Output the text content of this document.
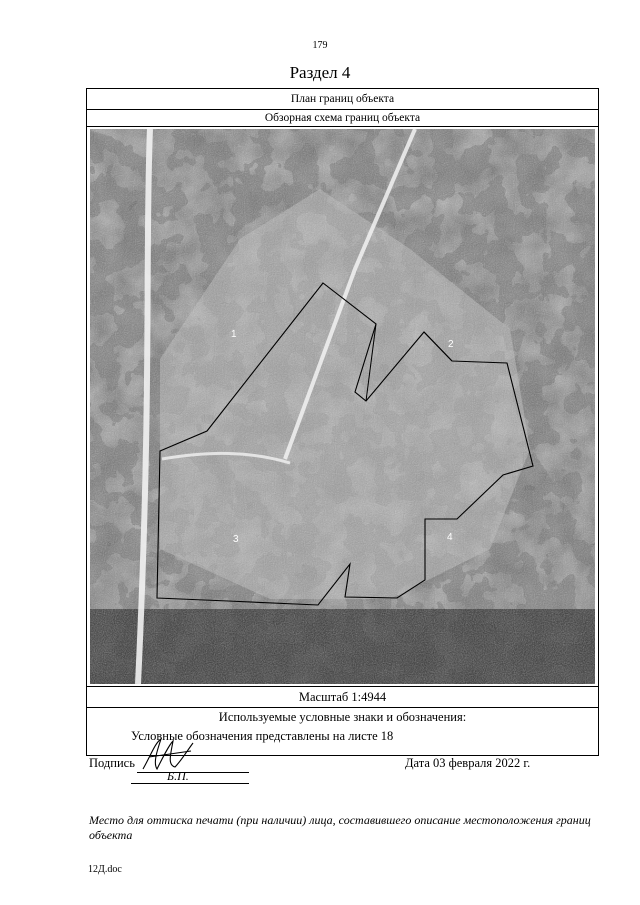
179
Раздел 4
План границ объекта
Обзорная схема границ объекта
1
2
3	4
Масштаб 1:4944
Используемые условные знаки и обозначения:
Условные обозначения представлены на листе 18
Подпись
Б.П.
Дата 03 февраля 2022 г.
Место для оттиска печати (при наличии) лица, составившего описание местоположения границ объекта
12Д.doc
